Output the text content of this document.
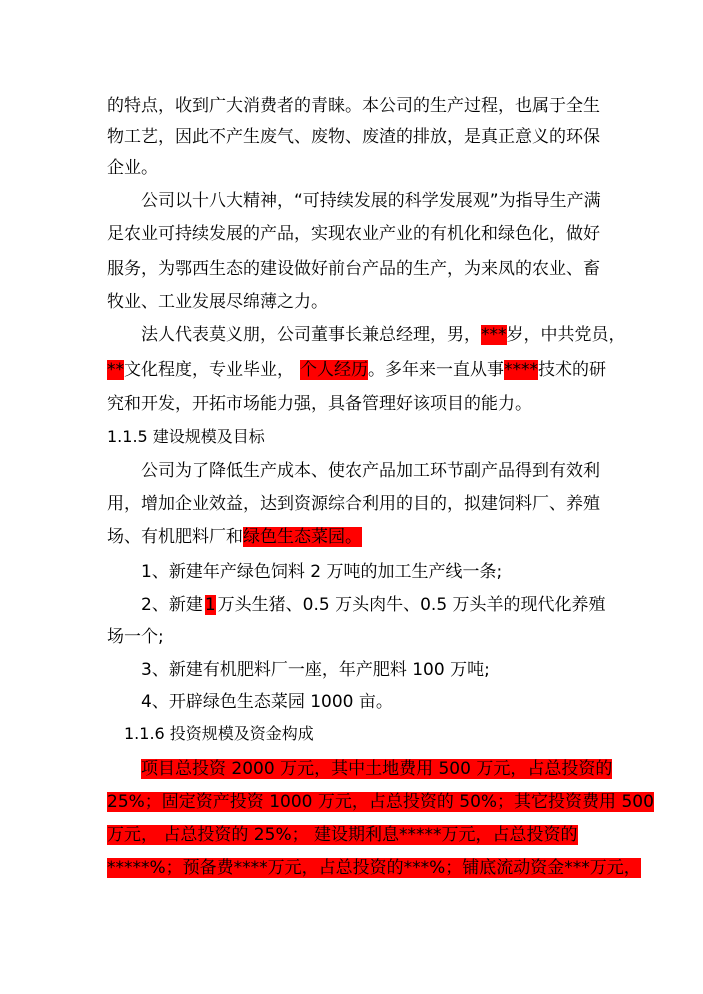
的特点，收到广大消费者的青睐。本公司的生产过程，也属于全生
物工艺，因此不产生废气、废物、废渣的排放，是真正意义的环保
企业。
公司以十八大精神，“可持续发展的科学发展观”为指导生产满
足农业可持续发展的产品，实现农业产业的有机化和绿色化，做好
服务，为鄂西生态的建设做好前台产品的生产，为来凤的农业、畜
牧业、工业发展尽绵薄之力。
法人代表莫义朋，公司董事长兼总经理，男，***岁，中共党员，
**文化程度，专业毕业， 个人经历。多年来一直从事****技术的研
究和开发，开拓市场能力强，具备管理好该项目的能力。
1.1.5 建设规模及目标
公司为了降低生产成本、使农产品加工环节副产品得到有效利
用，增加企业效益，达到资源综合利用的目的，拟建饲料厂、养殖
场、有机肥料厂和绿色生态菜园。
1、新建年产绿色饲料 2 万吨的加工生产线一条;
2、新建 1 万头生猪、0.5 万头肉牛、0.5 万头羊的现代化养殖
场一个;
3、新建有机肥料厂一座，年产肥料 100 万吨;
4、开辟绿色生态菜园 1000 亩。
1.1.6 投资规模及资金构成
项目总投资 2000 万元，其中土地费用 500 万元，占总投资的
25%；固定资产投资 1000 万元，占总投资的 50%；其它投资费用 500
万元， 占总投资的 25%； 建设期利息*****万元，占总投资的
*****%；预备费****万元，占总投资的***%；铺底流动资金***万元，
